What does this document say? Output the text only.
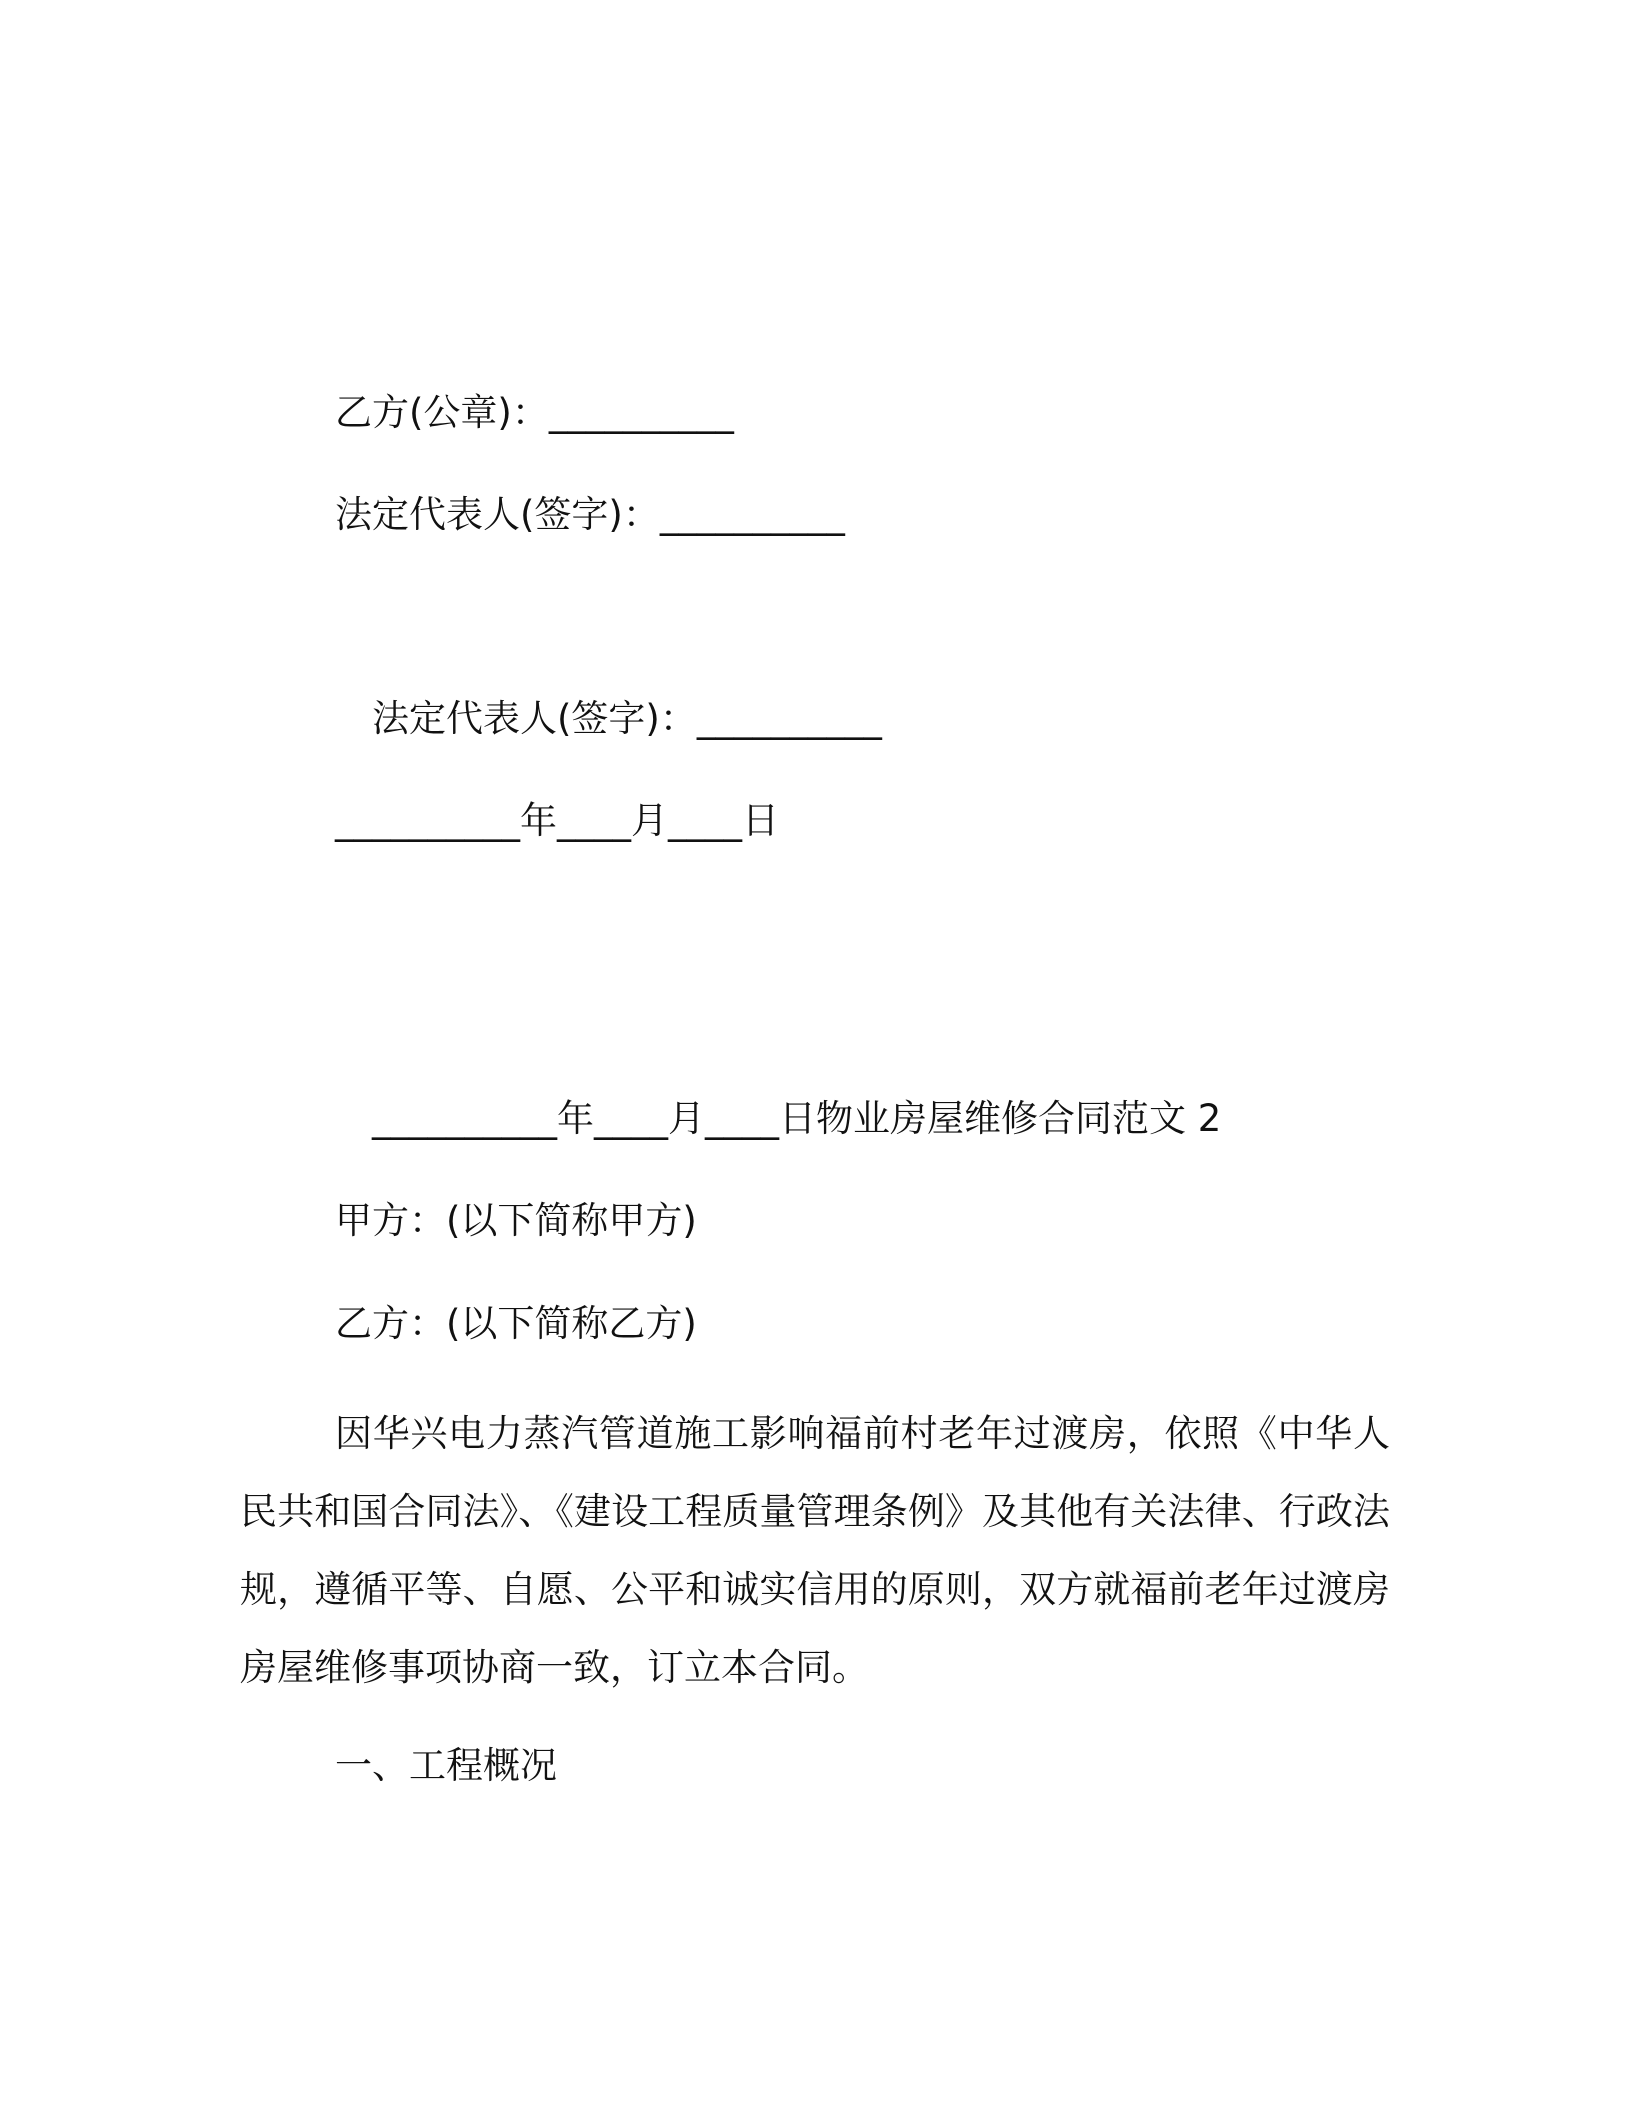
乙方(公章)：__________
法定代表人(签字)：__________
法定代表人(签字)：__________
__________年____月____日
__________年____月____日物业房屋维修合同范文 2
甲方：(以下简称甲方)
乙方：(以下简称乙方)
因华兴电力蒸汽管道施工影响福前村老年过渡房，依照《中华人民共和国合同法》、《建设工程质量管理条例》及其他有关法律、行政法规，遵循平等、自愿、公平和诚实信用的原则，双方就福前老年过渡房房屋维修事项协商一致，订立本合同。
一、工程概况
